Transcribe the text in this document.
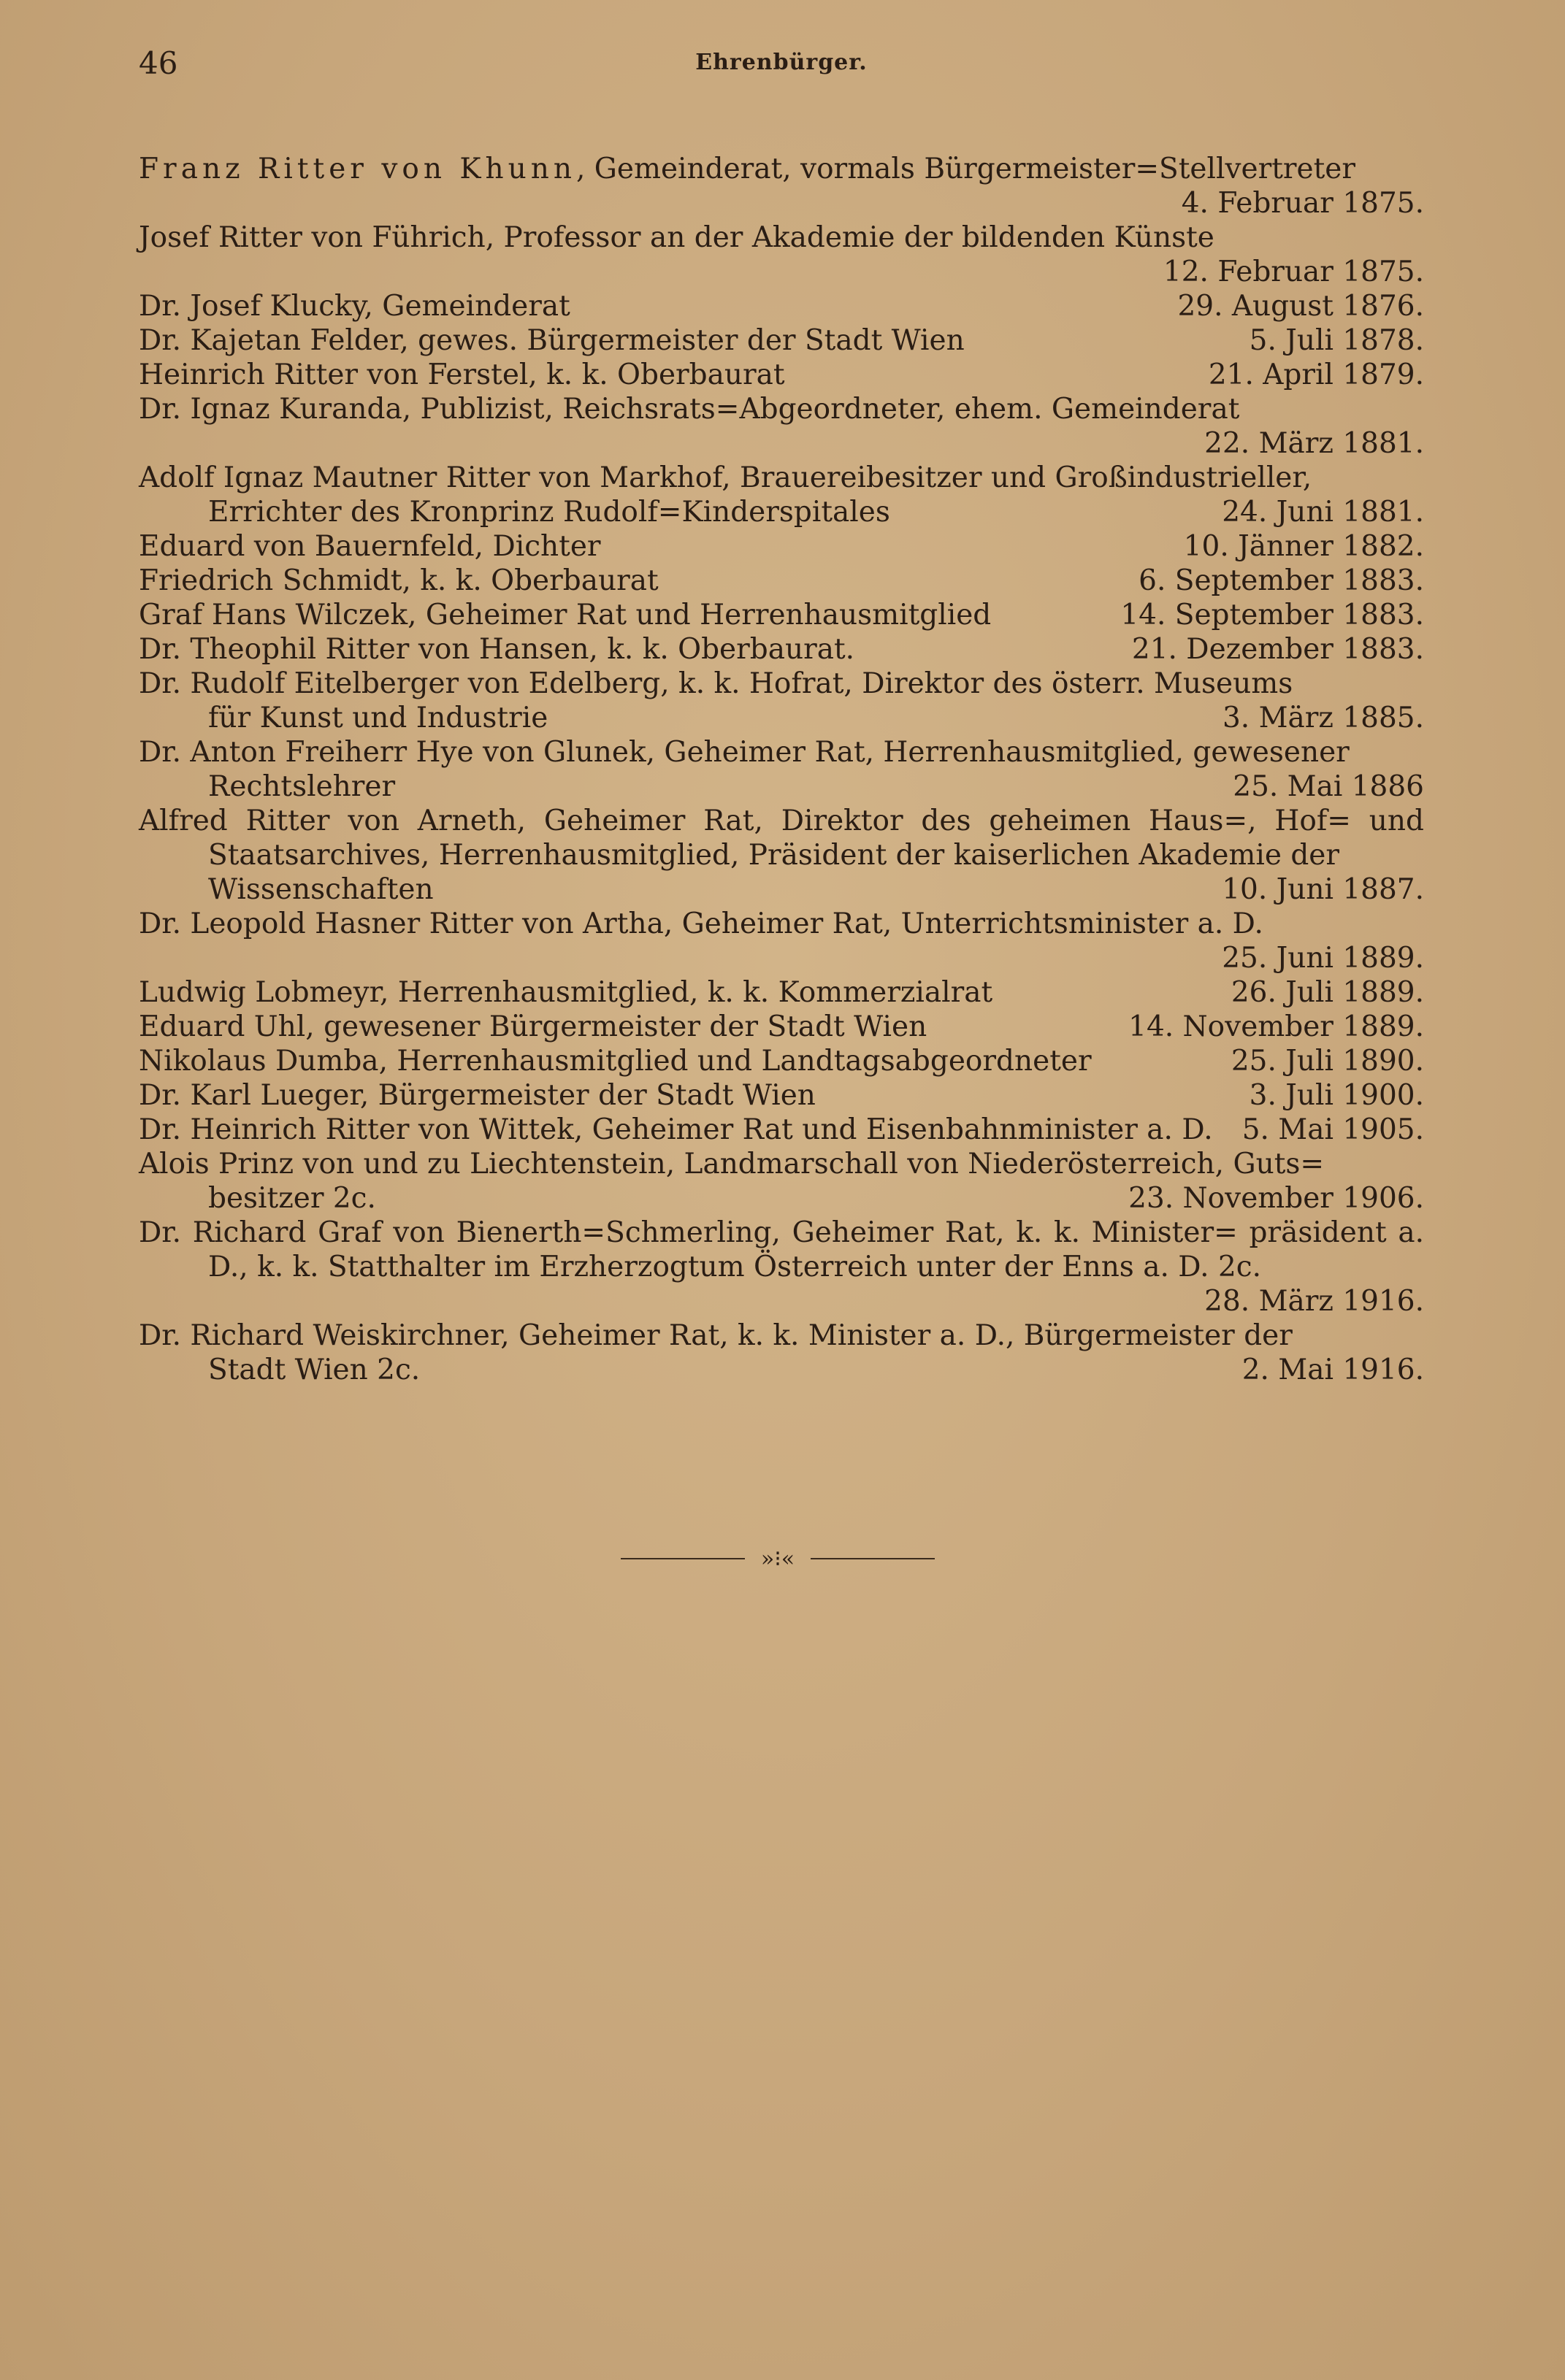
46	Ehrenbürger.
Franz Ritter von Khunn, Gemeinderat, vormals Bürgermeister=Stellvertreter
4. Februar 1875.
Josef Ritter von Führich, Professor an der Akademie der bildenden Künste
12. Februar 1875.
Dr. Josef Klucky, Gemeinderat	29. August 1876.
Dr. Kajetan Felder, gewes. Bürgermeister der Stadt Wien	5. Juli 1878.
Heinrich Ritter von Ferstel, k. k. Oberbaurat	21. April 1879.
Dr. Ignaz Kuranda, Publizist, Reichsrats=Abgeordneter, ehem. Gemeinderat
22. März 1881.
Adolf Ignaz Mautner Ritter von Markhof, Brauereibesitzer und Großindustrieller,
Errichter des Kronprinz Rudolf=Kinderspitales	24. Juni 1881.
Eduard von Bauernfeld, Dichter	10. Jänner 1882.
Friedrich Schmidt, k. k. Oberbaurat	6. September 1883.
Graf Hans Wilczek, Geheimer Rat und Herrenhausmitglied	14. September 1883.
Dr. Theophil Ritter von Hansen, k. k. Oberbaurat.	21. Dezember 1883.
Dr. Rudolf Eitelberger von Edelberg, k. k. Hofrat, Direktor des österr. Museums
für Kunst und Industrie	3. März 1885.
Dr. Anton Freiherr Hye von Glunek, Geheimer Rat, Herrenhausmitglied, gewesener
Rechtslehrer	25. Mai 1886
Alfred Ritter von Arneth, Geheimer Rat, Direktor des geheimen Haus=, Hof= und Staatsarchives, Herrenhausmitglied, Präsident der kaiserlichen Akademie der
Wissenschaften	10. Juni 1887.
Dr. Leopold Hasner Ritter von Artha, Geheimer Rat, Unterrichtsminister a. D.
25. Juni 1889.
Ludwig Lobmeyr, Herrenhausmitglied, k. k. Kommerzialrat	26. Juli 1889.
Eduard Uhl, gewesener Bürgermeister der Stadt Wien	14. November 1889.
Nikolaus Dumba, Herrenhausmitglied und Landtagsabgeordneter	25. Juli 1890.
Dr. Karl Lueger, Bürgermeister der Stadt Wien	3. Juli 1900.
Dr. Heinrich Ritter von Wittek, Geheimer Rat und Eisenbahnminister a. D.	5. Mai 1905.
Alois Prinz von und zu Liechtenstein, Landmarschall von Niederösterreich, Guts=
besitzer 2c.	23. November 1906.
Dr. Richard Graf von Bienerth=Schmerling, Geheimer Rat, k. k. Minister= präsident a. D., k. k. Statthalter im Erzherzogtum Österreich unter der Enns a. D. 2c.
28. März 1916.
Dr. Richard Weiskirchner, Geheimer Rat, k. k. Minister a. D., Bürgermeister der
Stadt Wien 2c.	2. Mai 1916.
»⁝«
